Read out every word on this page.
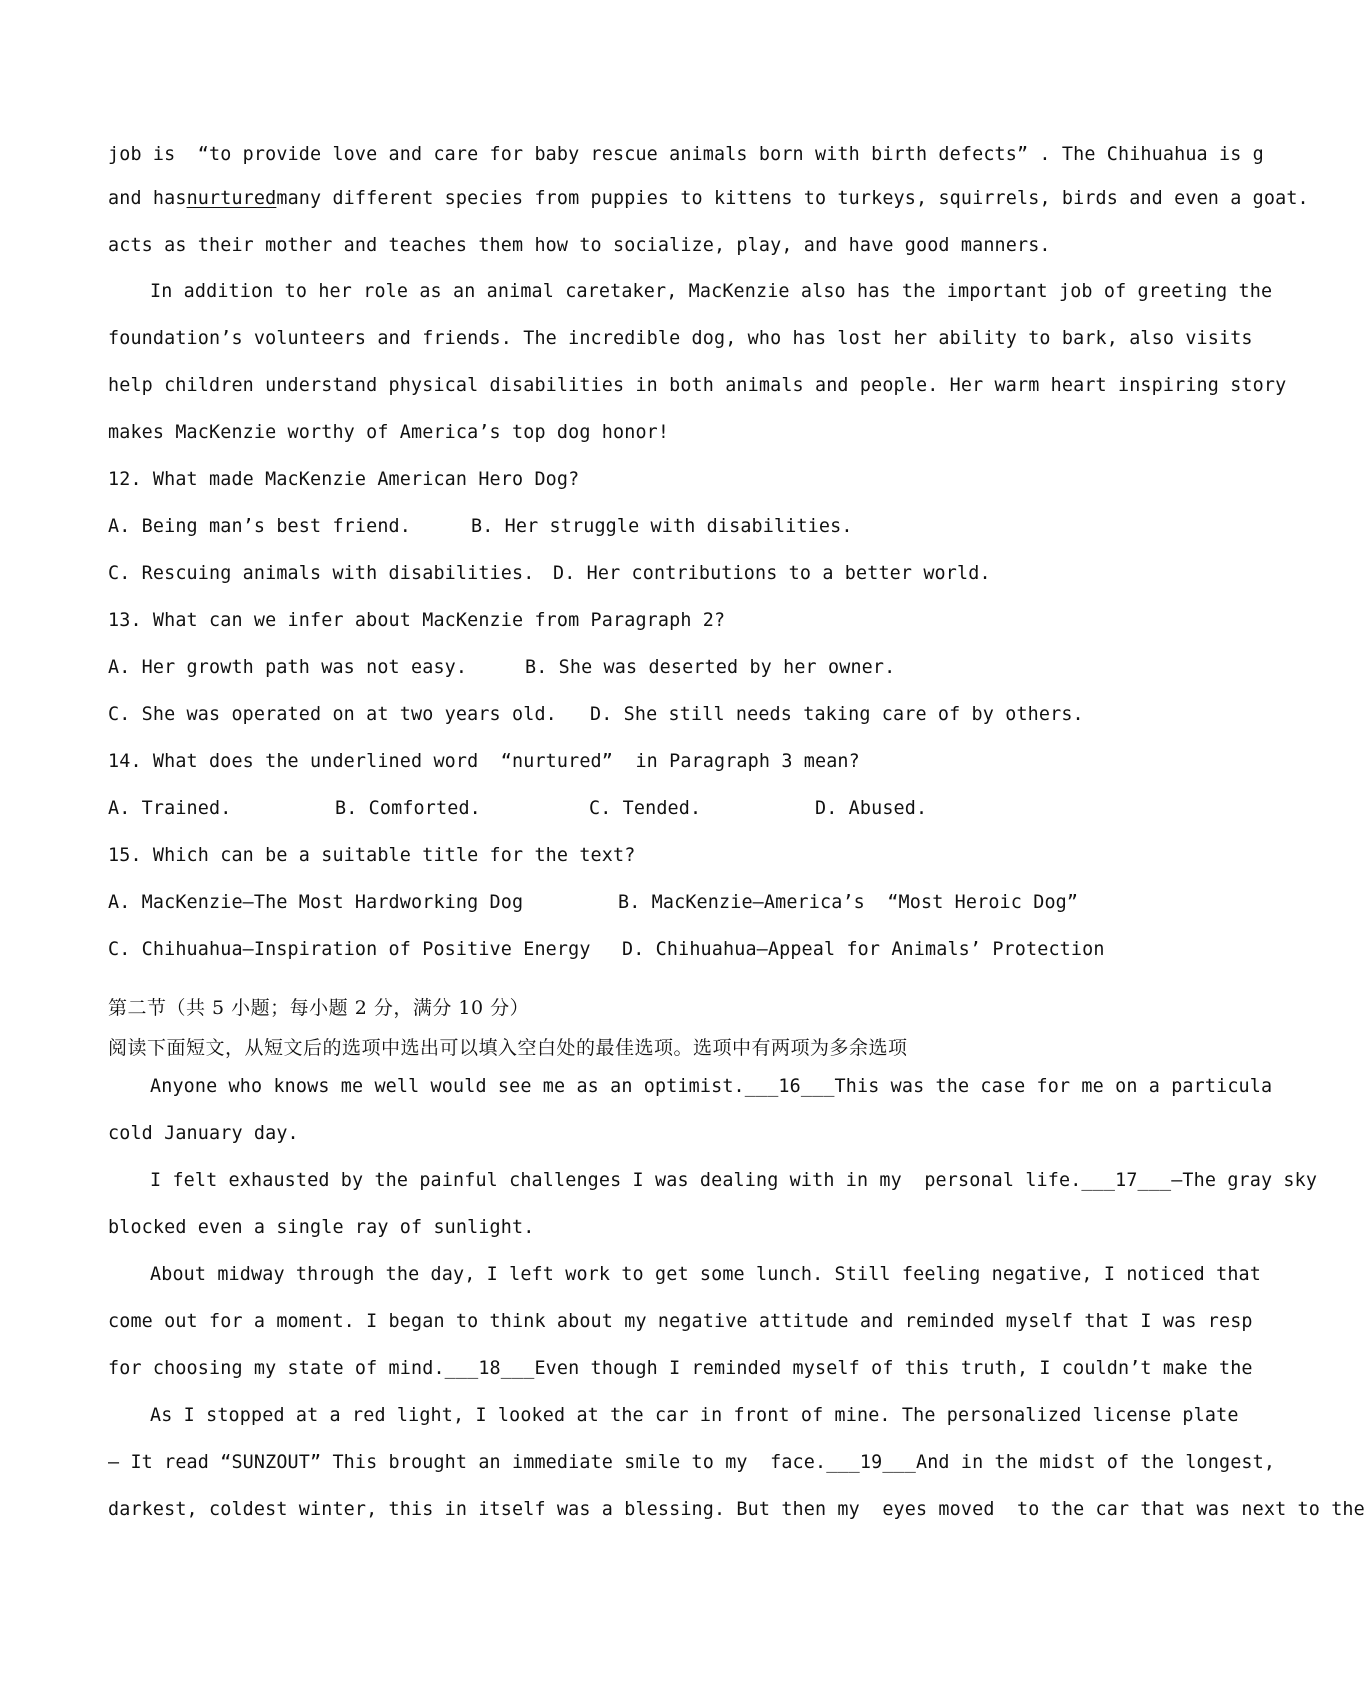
job is  “to provide love and care for baby rescue animals born with birth defects” . The Chihuahua is g
and hasnurturedmany different species from puppies to kittens to turkeys, squirrels, birds and even a goat.
acts as their mother and teaches them how to socialize, play, and have good manners.
In addition to her role as an animal caretaker, MacKenzie also has the important job of greeting the
foundation’s volunteers and friends. The incredible dog, who has lost her ability to bark, also visits
help children understand physical disabilities in both animals and people. Her warm heart inspiring story
makes MacKenzie worthy of America’s top dog honor!
12. What made MacKenzie American Hero Dog?
A. Being man’s best friend.	B. Her struggle with disabilities.
C. Rescuing animals with disabilities. D. Her contributions to a better world.
13. What can we infer about MacKenzie from Paragraph 2?
A. Her growth path was not easy.	B. She was deserted by her owner.
C. She was operated on at two years old. D. She still needs taking care of by others.
14. What does the underlined word  “nurtured”  in Paragraph 3 mean?
A. Trained.	B. Comforted.	C. Tended.	D. Abused.
15. Which can be a suitable title for the text?
A. MacKenzie—The Most Hardworking Dog	B. MacKenzie—America’s  “Most Heroic Dog”
C. Chihuahua—Inspiration of Positive Energy D. Chihuahua—Appeal for Animals’ Protection
第二节（共 5 小题；每小题 2 分，满分 10 分）
阅读下面短文，从短文后的选项中选出可以填入空白处的最佳选项。选项中有两项为多余选项
Anyone who knows me well would see me as an optimist.___16___This was the case for me on a particula
cold January day.
I felt exhausted by the painful challenges I was dealing with in my  personal life.___17___—The gray sky
blocked even a single ray of sunlight.
About midway through the day, I left work to get some lunch. Still feeling negative, I noticed that
come out for a moment. I began to think about my negative attitude and reminded myself that I was resp
for choosing my state of mind.___18___Even though I reminded myself of this truth, I couldn’t make the
As I stopped at a red light, I looked at the car in front of mine. The personalized license plate
— It read “SUNZOUT” This brought an immediate smile to my  face.___19___And in the midst of the longest,
darkest, coldest winter, this in itself was a blessing. But then my  eyes moved  to the car that was next to the
